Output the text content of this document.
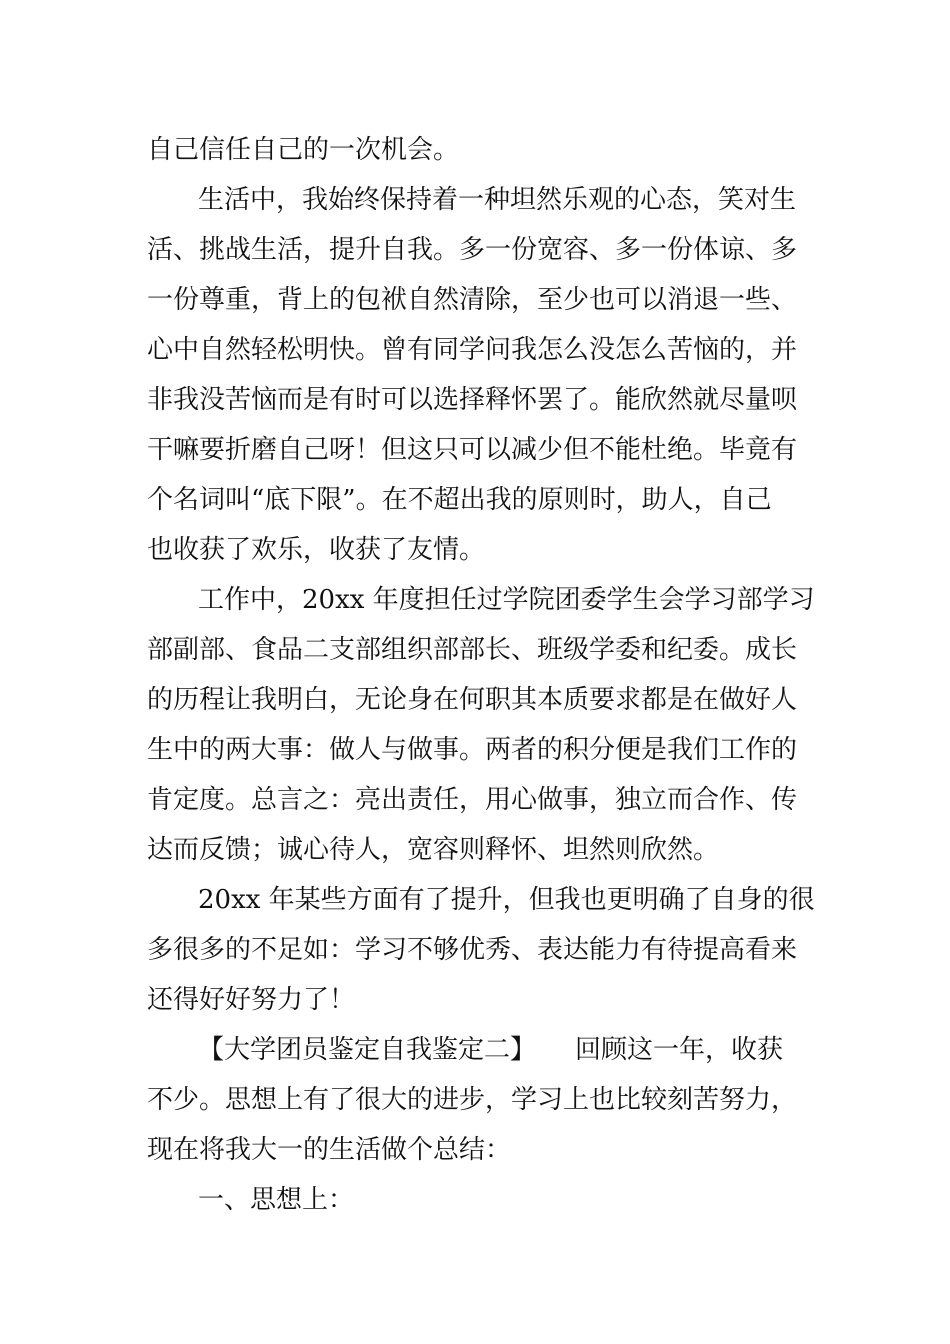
自己信任自己的一次机会。
生活中，我始终保持着一种坦然乐观的心态，笑对生
活、挑战生活，提升自我。多一份宽容、多一份体谅、多
一份尊重，背上的包袱自然清除，至少也可以消退一些、
心中自然轻松明快。曾有同学问我怎么没怎么苦恼的，并
非我没苦恼而是有时可以选择释怀罢了。能欣然就尽量呗
干嘛要折磨自己呀！但这只可以减少但不能杜绝。毕竟有
个名词叫“底下限”。在不超出我的原则时，助人，自己
也收获了欢乐，收获了友情。
工作中，20xx 年度担任过学院团委学生会学习部学习
部副部、食品二支部组织部部长、班级学委和纪委。成长
的历程让我明白，无论身在何职其本质要求都是在做好人
生中的两大事：做人与做事。两者的积分便是我们工作的
肯定度。总言之：亮出责任，用心做事，独立而合作、传
达而反馈；诚心待人，宽容则释怀、坦然则欣然。
20xx 年某些方面有了提升，但我也更明确了自身的很
多很多的不足如：学习不够优秀、表达能力有待提高看来
还得好好努力了！
【大学团员鉴定自我鉴定二】　　回顾这一年，收获
不少。思想上有了很大的进步，学习上也比较刻苦努力，
现在将我大一的生活做个总结：
一、思想上：
